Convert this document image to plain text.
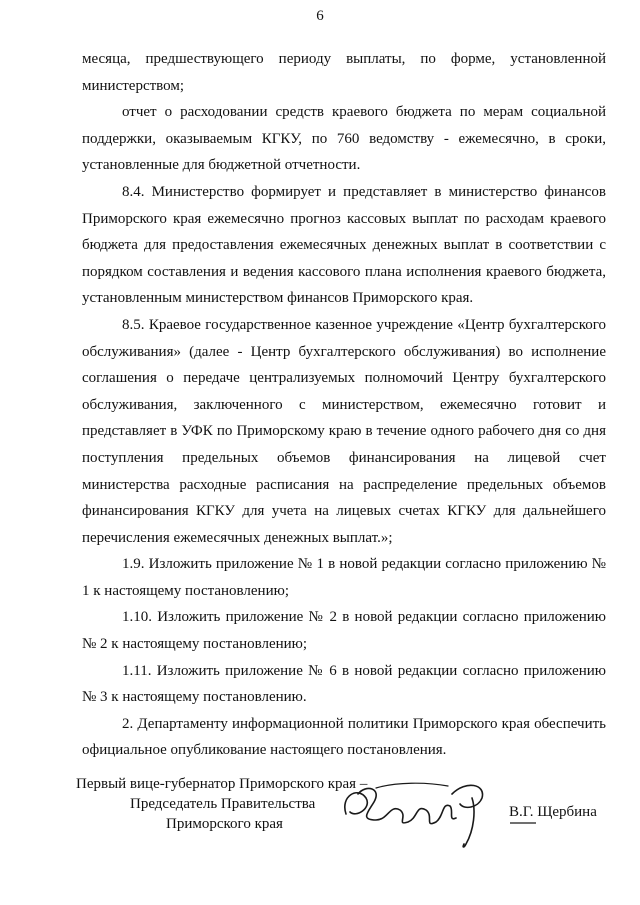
6

месяца, предшествующего периоду выплаты, по форме, установленной министерством;

отчет о расходовании средств краевого бюджета по мерам социальной поддержки, оказываемым КГКУ, по 760 ведомству - ежемесячно, в сроки, установленные для бюджетной отчетности.

8.4. Министерство формирует и представляет в министерство финансов Приморского края ежемесячно прогноз кассовых выплат по расходам краевого бюджета для предоставления ежемесячных денежных выплат в соответствии с порядком составления и ведения кассового плана исполнения краевого бюджета, установленным министерством финансов Приморского края.

8.5. Краевое государственное казенное учреждение «Центр бухгалтерского обслуживания» (далее - Центр бухгалтерского обслуживания) во исполнение соглашения о передаче централизуемых полномочий Центру бухгалтерского обслуживания, заключенного с министерством, ежемесячно готовит и представляет в УФК по Приморскому краю в течение одного рабочего дня со дня поступления предельных объемов финансирования на лицевой счет министерства расходные расписания на распределение предельных объемов финансирования КГКУ для учета на лицевых счетах КГКУ для дальнейшего перечисления ежемесячных денежных выплат.»;

1.9. Изложить приложение № 1 в новой редакции согласно приложению № 1 к настоящему постановлению;

1.10. Изложить приложение № 2 в новой редакции согласно приложению № 2 к настоящему постановлению;

1.11. Изложить приложение № 6 в новой редакции согласно приложению № 3 к настоящему постановлению.

2. Департаменту информационной политики Приморского края обеспечить официальное опубликование настоящего постановления.

Первый вице-губернатор Приморского края –
Председатель Правительства
Приморского края
В.Г. Щербина
